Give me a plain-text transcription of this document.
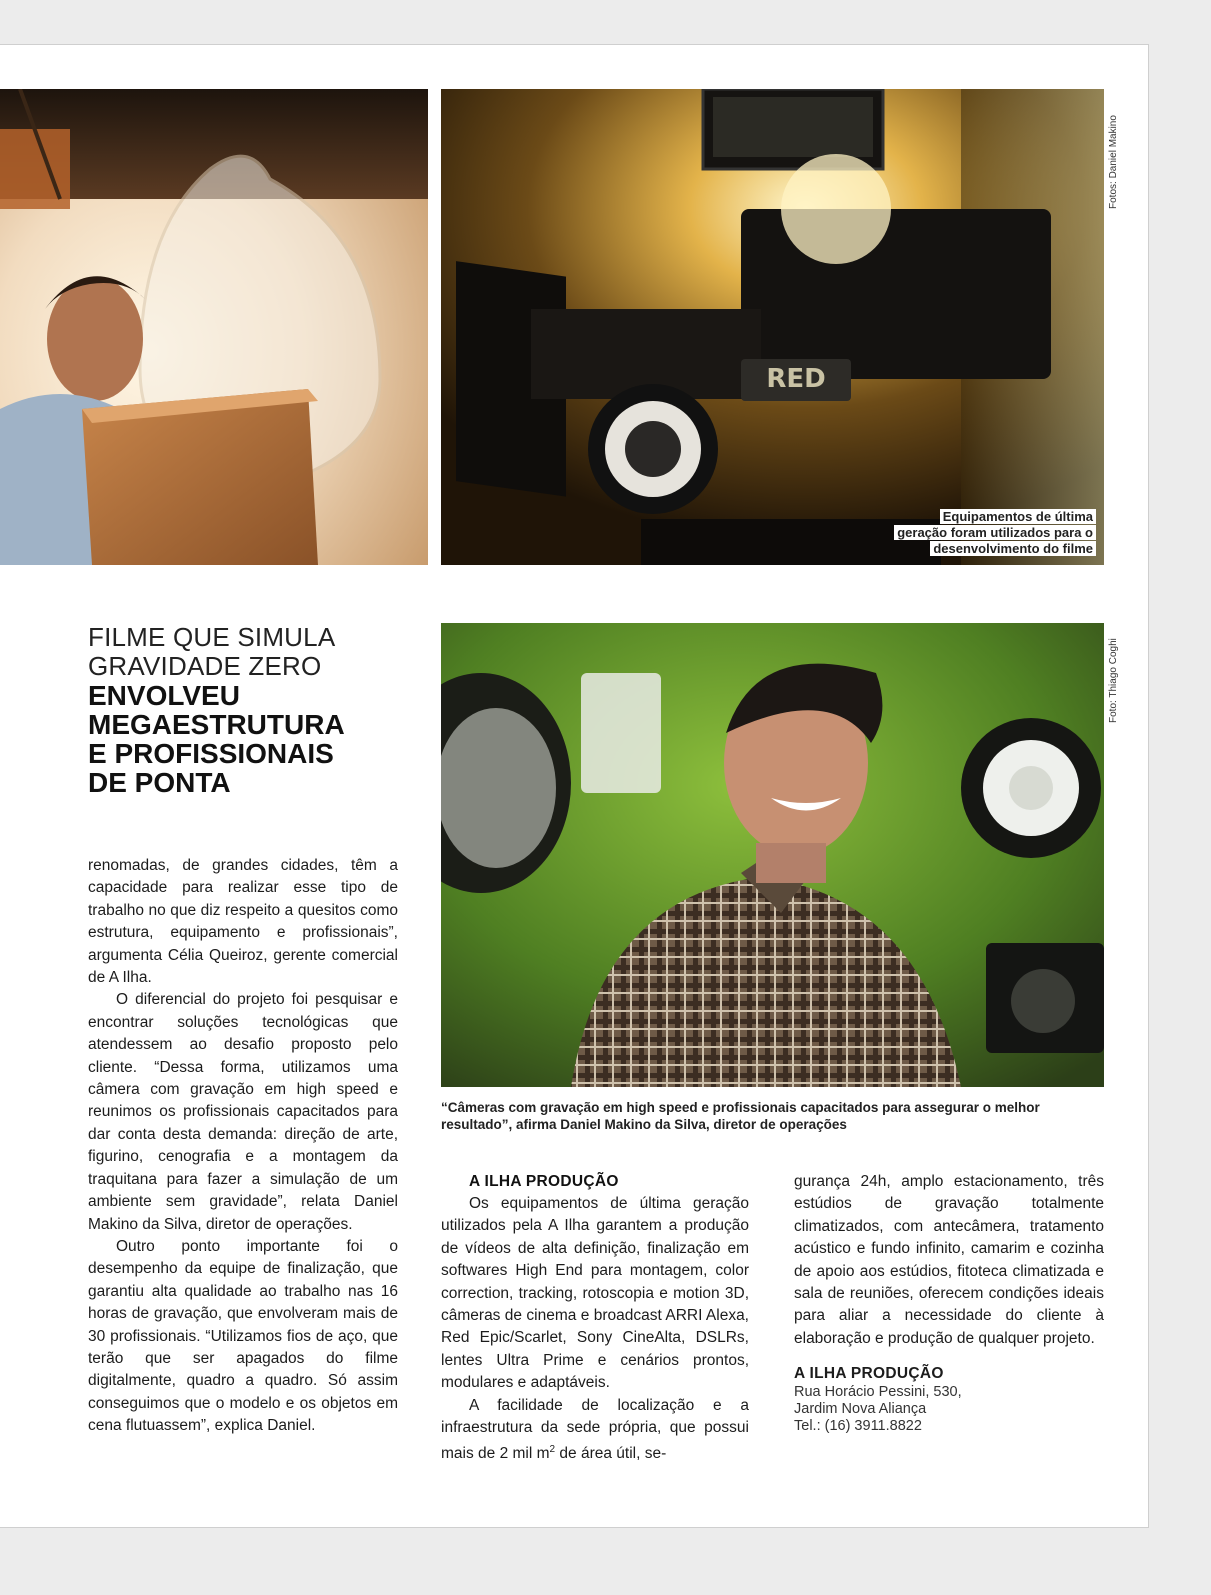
RED
Equipamentos de última
geração foram utilizados para o
desenvolvimento do filme
Fotos: Daniel Makino
FILME QUE SIMULA
GRAVIDADE ZERO
ENVOLVEU
MEGAESTRUTURA
E PROFISSIONAIS
DE PONTA
Foto: Thiago Coghi
“Câmeras com gravação em high speed e profissionais capacitados para assegurar o melhor resultado”, afirma Daniel Makino da Silva, diretor de operações

renomadas, de grandes cidades, têm a capacidade para realizar esse tipo de trabalho no que diz respeito a quesitos como estrutura, equipamento e profissionais”, argumenta Célia Queiroz, gerente comercial de A Ilha.

O diferencial do projeto foi pesquisar e encontrar soluções tecnológicas que atendessem ao desafio proposto pelo cliente. “Dessa forma, utilizamos uma câmera com gravação em high speed e reunimos os profissionais capacitados para dar conta desta demanda: direção de arte, figurino, cenografia e a montagem da traquitana para fazer a simulação de um ambiente sem gravidade”, relata Daniel Makino da Silva, diretor de operações.

Outro ponto importante foi o desempenho da equipe de finalização, que garantiu alta qualidade ao trabalho nas 16 horas de gravação, que envolveram mais de 30 profissionais. “Utilizamos fios de aço, que terão que ser apagados do filme digitalmente, quadro a quadro. Só assim conseguimos que o modelo e os objetos em cena flutuassem”, explica Daniel.

A ILHA PRODUÇÃO

Os equipamentos de última geração utilizados pela A Ilha garantem a produção de vídeos de alta definição, finalização em softwares High End para montagem, color correction, tracking, rotoscopia e motion 3D, câmeras de cinema e broadcast ARRI Alexa, Red Epic/Scarlet, Sony CineAlta, DSLRs, lentes Ultra Prime e cenários prontos, modulares e adaptáveis.

A facilidade de localização e a infraestrutura da sede própria, que possui mais de 2 mil $m^2$ de área útil, se-

gurança 24h, amplo estacionamento, três estúdios de gravação totalmente climatizados, com antecâmera, tratamento acústico e fundo infinito, camarim e cozinha de apoio aos estúdios, fitoteca climatizada e sala de reuniões, oferecem condições ideais para aliar a necessidade do cliente à elaboração e produção de qualquer projeto.

A ILHA PRODUÇÃO
Rua Horácio Pessini, 530,
Jardim Nova Aliança
Tel.: (16) 3911.8822
